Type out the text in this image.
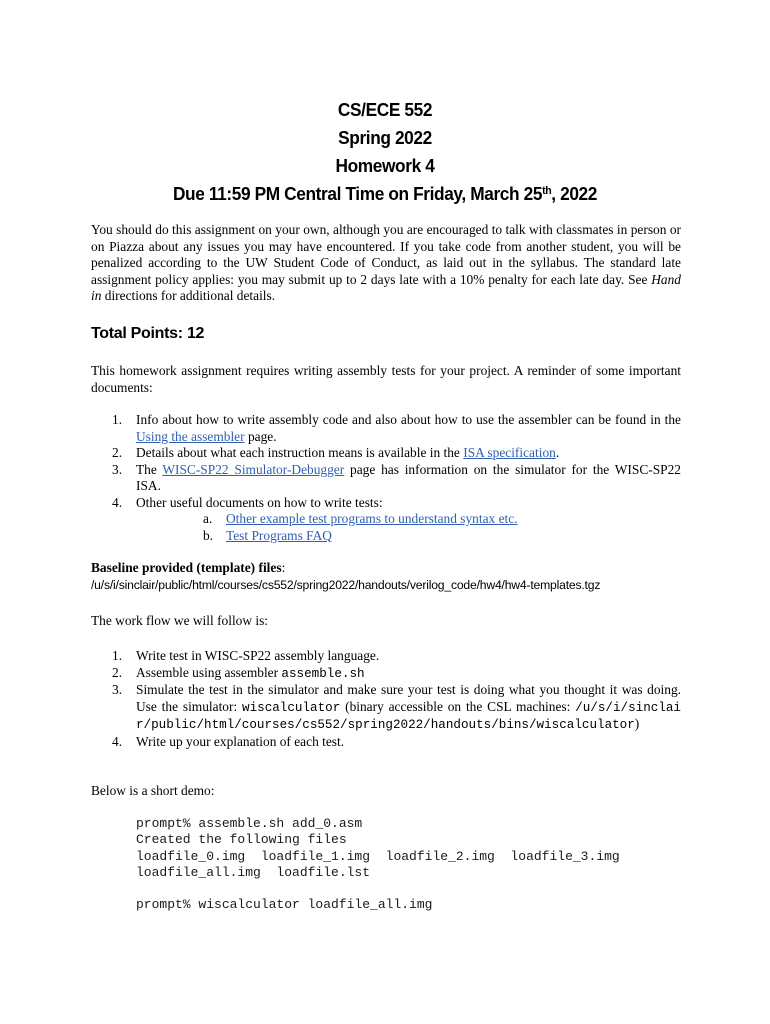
CS/ECE 552
Spring 2022
Homework 4
Due 11:59 PM Central Time on Friday, March 25th, 2022
You should do this assignment on your own, although you are encouraged to talk with classmates in person or on Piazza about any issues you may have encountered. If you take code from another student, you will be penalized according to the UW Student Code of Conduct, as laid out in the syllabus. The standard late assignment policy applies: you may submit up to 2 days late with a 10% penalty for each late day. See Hand in directions for additional details.
Total Points: 12
This homework assignment requires writing assembly tests for your project. A reminder of some important documents:
1. Info about how to write assembly code and also about how to use the assembler can be found in the Using the assembler page.
2. Details about what each instruction means is available in the ISA specification.
3. The WISC-SP22 Simulator-Debugger page has information on the simulator for the WISC-SP22 ISA.
4. Other useful documents on how to write tests:
a. Other example test programs to understand syntax etc.
b. Test Programs FAQ
Baseline provided (template) files:
/u/s/i/sinclair/public/html/courses/cs552/spring2022/handouts/verilog_code/hw4/hw4-templates.tgz
The work flow we will follow is:
1. Write test in WISC-SP22 assembly language.
2. Assemble using assembler assemble.sh
3. Simulate the test in the simulator and make sure your test is doing what you thought it was doing. Use the simulator: wiscalculator (binary accessible on the CSL machines: /u/s/i/sinclair/public/html/courses/cs552/spring2022/handouts/bins/wiscalculator)
4. Write up your explanation of each test.
Below is a short demo:
prompt% assemble.sh add_0.asm
Created the following files
loadfile_0.img  loadfile_1.img  loadfile_2.img  loadfile_3.img
loadfile_all.img  loadfile.lst

prompt% wiscalculator loadfile_all.img
